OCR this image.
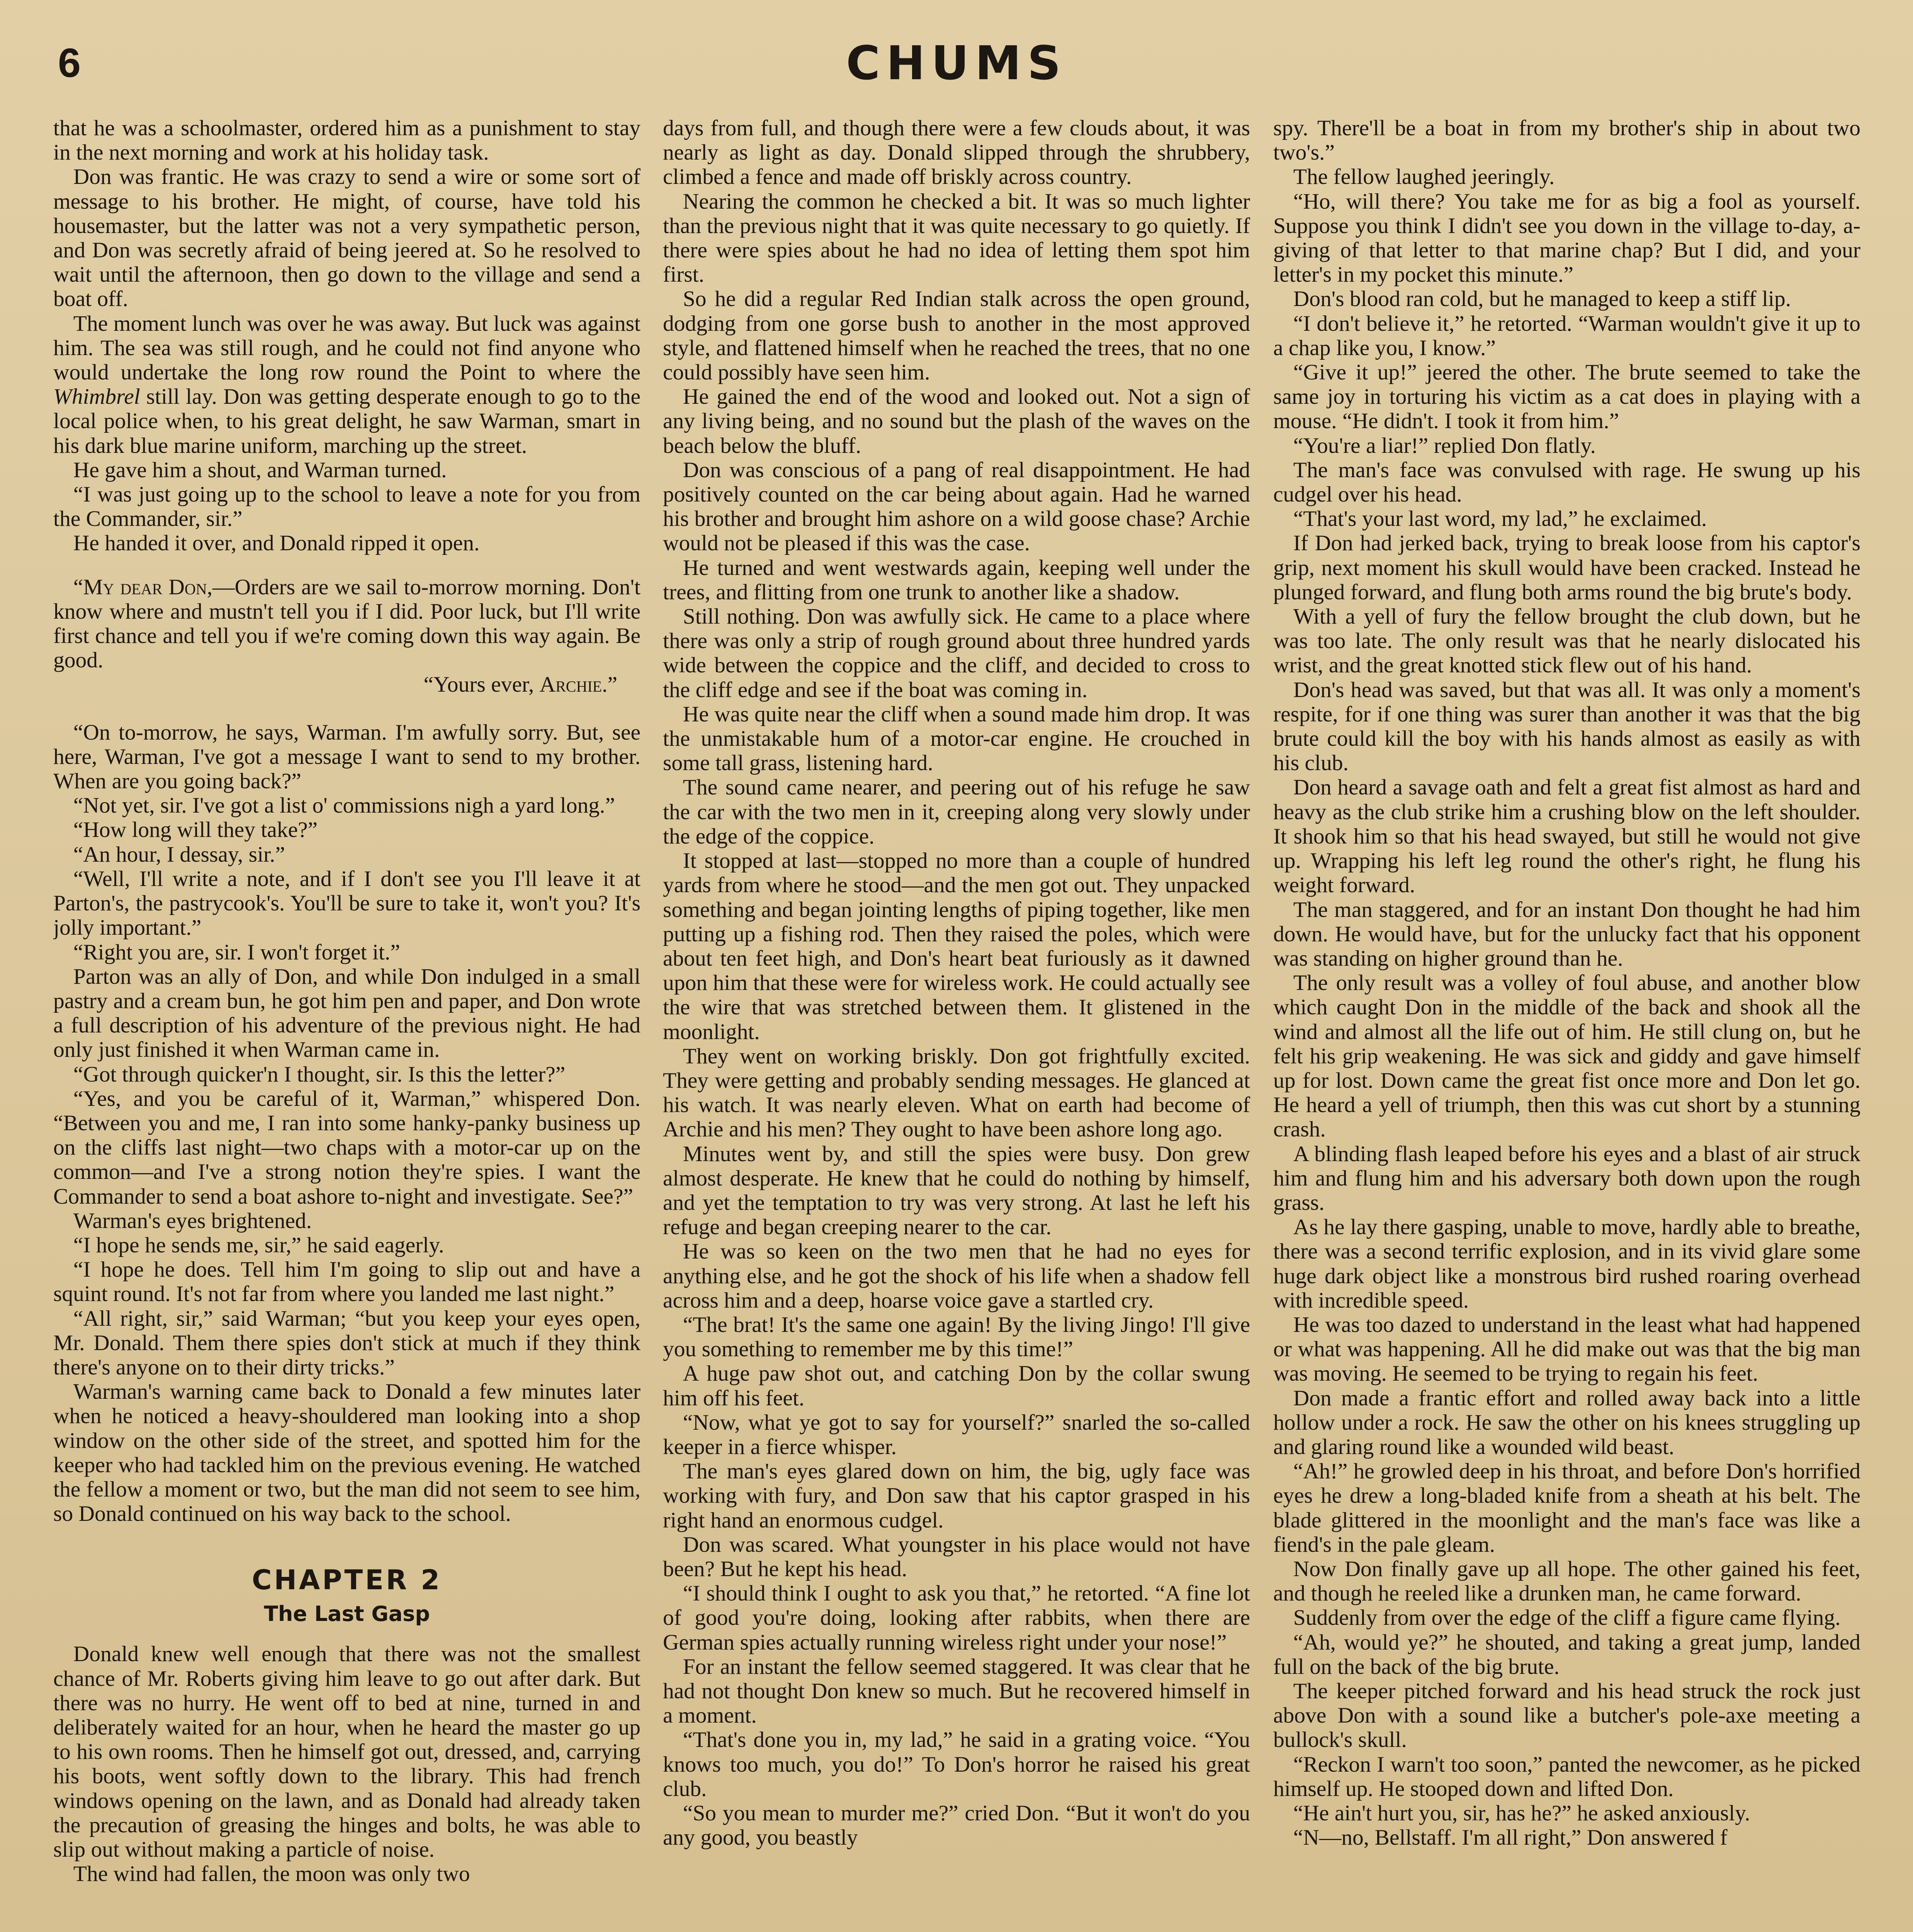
6	CHUMS

that he was a schoolmaster, ordered him as a punishment to stay in the next morning and work at his holiday task.

Don was frantic. He was crazy to send a wire or some sort of message to his brother. He might, of course, have told his housemaster, but the latter was not a very sympathetic person, and Don was secretly afraid of being jeered at. So he resolved to wait until the afternoon, then go down to the village and send a boat off.

The moment lunch was over he was away. But luck was against him. The sea was still rough, and he could not find anyone who would undertake the long row round the Point to where the Whimbrel still lay. Don was getting desperate enough to go to the local police when, to his great delight, he saw Warman, smart in his dark blue marine uniform, marching up the street.

He gave him a shout, and Warman turned.

“I was just going up to the school to leave a note for you from the Commander, sir.”

He handed it over, and Donald ripped it open.

“My dear Don,—Orders are we sail to-morrow morning. Don't know where and mustn't tell you if I did. Poor luck, but I'll write first chance and tell you if we're coming down this way again. Be good.

“Yours ever, Archie.”

“On to-morrow, he says, Warman. I'm awfully sorry. But, see here, Warman, I've got a message I want to send to my brother. When are you going back?”

“Not yet, sir. I've got a list o' commissions nigh a yard long.”

“How long will they take?”

“An hour, I dessay, sir.”

“Well, I'll write a note, and if I don't see you I'll leave it at Parton's, the pastrycook's. You'll be sure to take it, won't you? It's jolly important.”

“Right you are, sir. I won't forget it.”

Parton was an ally of Don, and while Don indulged in a small pastry and a cream bun, he got him pen and paper, and Don wrote a full description of his adventure of the previous night. He had only just finished it when Warman came in.

“Got through quicker'n I thought, sir. Is this the letter?”

“Yes, and you be careful of it, Warman,” whispered Don. “Between you and me, I ran into some hanky-panky business up on the cliffs last night—two chaps with a motor-car up on the common—and I've a strong notion they're spies. I want the Commander to send a boat ashore to-night and investigate. See?”

Warman's eyes brightened.

“I hope he sends me, sir,” he said eagerly.

“I hope he does. Tell him I'm going to slip out and have a squint round. It's not far from where you landed me last night.”

“All right, sir,” said Warman; “but you keep your eyes open, Mr. Donald. Them there spies don't stick at much if they think there's anyone on to their dirty tricks.”

Warman's warning came back to Donald a few minutes later when he noticed a heavy-shouldered man looking into a shop window on the other side of the street, and spotted him for the keeper who had tackled him on the previous evening. He watched the fellow a moment or two, but the man did not seem to see him, so Donald continued on his way back to the school.

CHAPTER 2
The Last Gasp

Donald knew well enough that there was not the smallest chance of Mr. Roberts giving him leave to go out after dark. But there was no hurry. He went off to bed at nine, turned in and deliberately waited for an hour, when he heard the master go up to his own rooms. Then he himself got out, dressed, and, carrying his boots, went softly down to the library. This had french windows opening on the lawn, and as Donald had already taken the precaution of greasing the hinges and bolts, he was able to slip out without making a particle of noise.

The wind had fallen, the moon was only two

days from full, and though there were a few clouds about, it was nearly as light as day. Donald slipped through the shrubbery, climbed a fence and made off briskly across country.

Nearing the common he checked a bit. It was so much lighter than the previous night that it was quite necessary to go quietly. If there were spies about he had no idea of letting them spot him first.

So he did a regular Red Indian stalk across the open ground, dodging from one gorse bush to another in the most approved style, and flattened himself when he reached the trees, that no one could possibly have seen him.

He gained the end of the wood and looked out. Not a sign of any living being, and no sound but the plash of the waves on the beach below the bluff.

Don was conscious of a pang of real disappointment. He had positively counted on the car being about again. Had he warned his brother and brought him ashore on a wild goose chase? Archie would not be pleased if this was the case.

He turned and went westwards again, keeping well under the trees, and flitting from one trunk to another like a shadow.

Still nothing. Don was awfully sick. He came to a place where there was only a strip of rough ground about three hundred yards wide between the coppice and the cliff, and decided to cross to the cliff edge and see if the boat was coming in.

He was quite near the cliff when a sound made him drop. It was the unmistakable hum of a motor-car engine. He crouched in some tall grass, listening hard.

The sound came nearer, and peering out of his refuge he saw the car with the two men in it, creeping along very slowly under the edge of the coppice.

It stopped at last—stopped no more than a couple of hundred yards from where he stood—and the men got out. They unpacked something and began jointing lengths of piping together, like men putting up a fishing rod. Then they raised the poles, which were about ten feet high, and Don's heart beat furiously as it dawned upon him that these were for wireless work. He could actually see the wire that was stretched between them. It glistened in the moonlight.

They went on working briskly. Don got frightfully excited. They were getting and probably sending messages. He glanced at his watch. It was nearly eleven. What on earth had become of Archie and his men? They ought to have been ashore long ago.

Minutes went by, and still the spies were busy. Don grew almost desperate. He knew that he could do nothing by himself, and yet the temptation to try was very strong. At last he left his refuge and began creeping nearer to the car.

He was so keen on the two men that he had no eyes for anything else, and he got the shock of his life when a shadow fell across him and a deep, hoarse voice gave a startled cry.

“The brat! It's the same one again! By the living Jingo! I'll give you something to remember me by this time!”

A huge paw shot out, and catching Don by the collar swung him off his feet.

“Now, what ye got to say for yourself?” snarled the so-called keeper in a fierce whisper.

The man's eyes glared down on him, the big, ugly face was working with fury, and Don saw that his captor grasped in his right hand an enormous cudgel.

Don was scared. What youngster in his place would not have been? But he kept his head.

“I should think I ought to ask you that,” he retorted. “A fine lot of good you're doing, looking after rabbits, when there are German spies actually running wireless right under your nose!”

For an instant the fellow seemed staggered. It was clear that he had not thought Don knew so much. But he recovered himself in a moment.

“That's done you in, my lad,” he said in a grating voice. “You knows too much, you do!” To Don's horror he raised his great club.

“So you mean to murder me?” cried Don. “But it won't do you any good, you beastly

spy. There'll be a boat in from my brother's ship in about two two's.”

The fellow laughed jeeringly.

“Ho, will there? You take me for as big a fool as yourself. Suppose you think I didn't see you down in the village to-day, a-giving of that letter to that marine chap? But I did, and your letter's in my pocket this minute.”

Don's blood ran cold, but he managed to keep a stiff lip.

“I don't believe it,” he retorted. “Warman wouldn't give it up to a chap like you, I know.”

“Give it up!” jeered the other. The brute seemed to take the same joy in torturing his victim as a cat does in playing with a mouse. “He didn't. I took it from him.”

“You're a liar!” replied Don flatly.

The man's face was convulsed with rage. He swung up his cudgel over his head.

“That's your last word, my lad,” he exclaimed.

If Don had jerked back, trying to break loose from his captor's grip, next moment his skull would have been cracked. Instead he plunged forward, and flung both arms round the big brute's body.

With a yell of fury the fellow brought the club down, but he was too late. The only result was that he nearly dislocated his wrist, and the great knotted stick flew out of his hand.

Don's head was saved, but that was all. It was only a moment's respite, for if one thing was surer than another it was that the big brute could kill the boy with his hands almost as easily as with his club.

Don heard a savage oath and felt a great fist almost as hard and heavy as the club strike him a crushing blow on the left shoulder. It shook him so that his head swayed, but still he would not give up. Wrapping his left leg round the other's right, he flung his weight forward.

The man staggered, and for an instant Don thought he had him down. He would have, but for the unlucky fact that his opponent was standing on higher ground than he.

The only result was a volley of foul abuse, and another blow which caught Don in the middle of the back and shook all the wind and almost all the life out of him. He still clung on, but he felt his grip weakening. He was sick and giddy and gave himself up for lost. Down came the great fist once more and Don let go. He heard a yell of triumph, then this was cut short by a stunning crash.

A blinding flash leaped before his eyes and a blast of air struck him and flung him and his adversary both down upon the rough grass.

As he lay there gasping, unable to move, hardly able to breathe, there was a second terrific explosion, and in its vivid glare some huge dark object like a monstrous bird rushed roaring overhead with incredible speed.

He was too dazed to understand in the least what had happened or what was happening. All he did make out was that the big man was moving. He seemed to be trying to regain his feet.

Don made a frantic effort and rolled away back into a little hollow under a rock. He saw the other on his knees struggling up and glaring round like a wounded wild beast.

“Ah!” he growled deep in his throat, and before Don's horrified eyes he drew a long-bladed knife from a sheath at his belt. The blade glittered in the moonlight and the man's face was like a fiend's in the pale gleam.

Now Don finally gave up all hope. The other gained his feet, and though he reeled like a drunken man, he came forward.

Suddenly from over the edge of the cliff a figure came flying.

“Ah, would ye?” he shouted, and taking a great jump, landed full on the back of the big brute.

The keeper pitched forward and his head struck the rock just above Don with a sound like a butcher's pole-axe meeting a bullock's skull.

“Reckon I warn't too soon,” panted the newcomer, as he picked himself up. He stooped down and lifted Don.

“He ain't hurt you, sir, has he?” he asked anxiously.

“N—no, Bellstaff. I'm all right,” Don answered f
